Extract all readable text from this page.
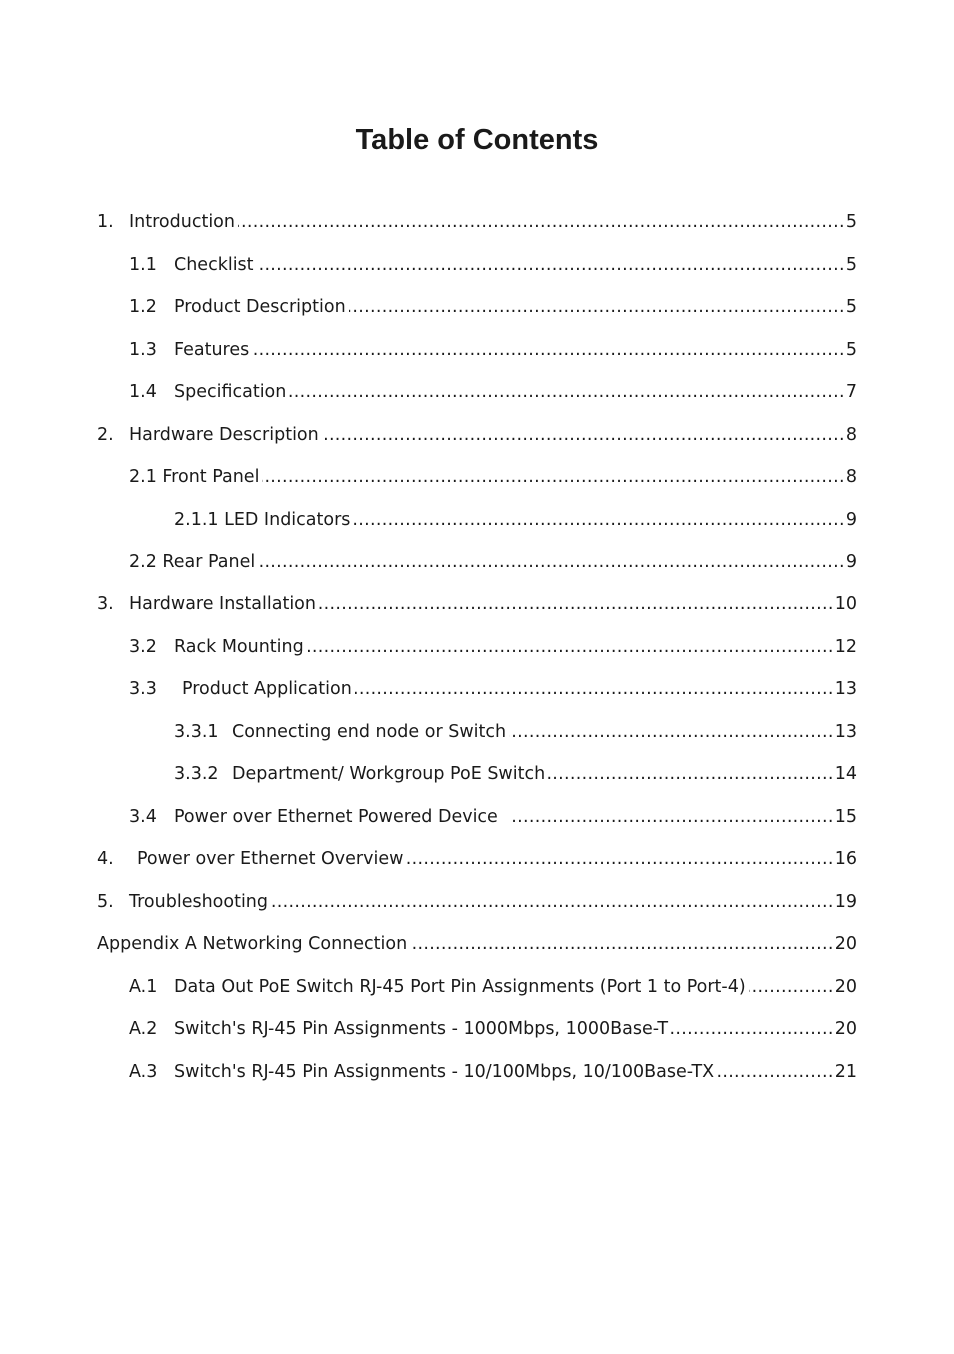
Table of Contents
1. Introduction .....	5
1.1 Checklist .....	5
1.2 Product Description .....	5
1.3 Features .....	5
1.4 Specification .....	7
2. Hardware Description .....	8
2.1 Front Panel .....	8
2.1.1 LED Indicators .....	9
2.2 Rear Panel .....	9
3. Hardware Installation .....	10
3.2 Rack Mounting .....	12
3.3	Product Application .....	13
3.3.1 Connecting end node or Switch .....	13
3.3.2 Department/ Workgroup PoE Switch .....	14
3.4 Power over Ethernet Powered Device .....	15
4.	Power over Ethernet Overview .....	16
5. Troubleshooting .....	19
Appendix A Networking Connection .....	20
A.1 Data Out PoE Switch RJ-45 Port Pin Assignments (Port 1 to Port-4) .....	20
A.2 Switch's RJ-45 Pin Assignments - 1000Mbps, 1000Base-T .....	20
A.3 Switch's RJ-45 Pin Assignments - 10/100Mbps, 10/100Base-TX .....	21
